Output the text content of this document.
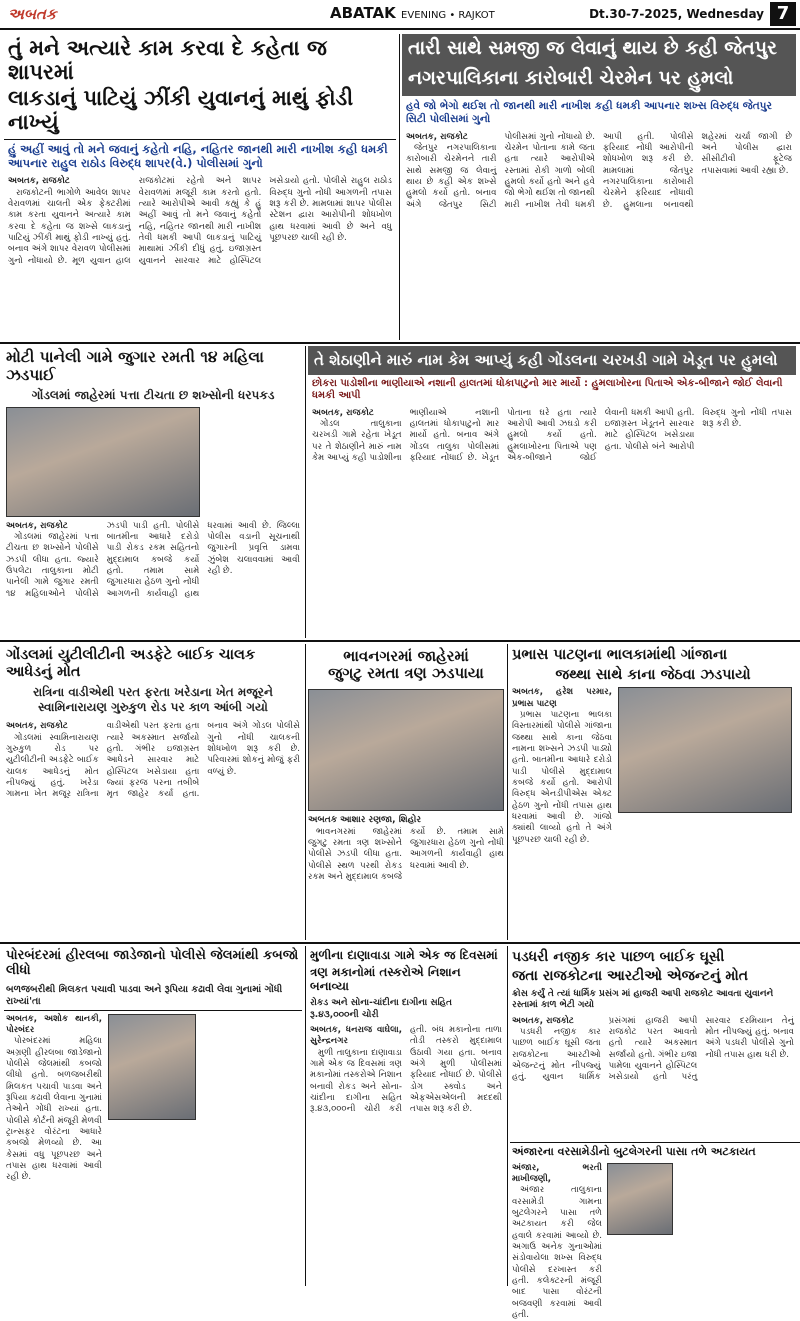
અબતક	ABATAK EVENING • RAJKOT	Dt.30-7-2025, Wednesday 7
તું મને અત્યારે કામ કરવા દે કહેતા જ શાપરમાં
લાકડાનું પાટિયું ઝીંકી યુવાનનું માથું ફોડી નાખ્યું
હું અહીં આવું તો મને જવાનું કહેતો નહિ, નહિતર જાનથી મારી નાખીશ કહી ધમકી આપનાર રાહુલ રાઠોડ વિરુદ્ધ શાપર(વે.) પોલીસમાં ગુનો
અબતક, રાજકોટ

રાજકોટની ભાગોળે આવેલ શાપર વેરાવળમાં ચાલતી એક ફેક્ટરીમાં કામ કરતા યુવાનને અત્યારે કામ કરવા દે કહેતા જ શખ્સે લાકડાનું પાટિયું ઝીંકી માથું ફોડી નાખ્યું હતું. બનાવ અંગે શાપર વેરાવળ પોલીસમાં ગુનો નોંધાયો છે. મૂળ યુવાન હાલ રાજકોટમાં રહેતો અને શાપર વેરાવળમાં મજૂરી કામ કરતો હતો. ત્યારે આરોપીએ આવી કહ્યું કે હું અહીં આવું તો મને જવાનું કહેતો નહિ, નહિતર જાનથી મારી નાખીશ તેવી ધમકી આપી લાકડાનું પાટિયું માથામાં ઝીંકી દીધું હતું. ઇજાગ્રસ્ત યુવાનને સારવાર માટે હોસ્પિટલ ખસેડાયો હતો. પોલીસે રાહુલ રાઠોડ વિરુદ્ધ ગુનો નોંધી આગળની તપાસ શરૂ કરી છે. મામલામાં શાપર પોલીસ સ્ટેશન દ્વારા આરોપીની શોધખોળ હાથ ધરવામાં આવી છે અને વધુ પૂછપરછ ચાલી રહી છે.

તારી સાથે સમજી જ લેવાનું થાય છે કહી જેતપુર
નગરપાલિકાના કારોબારી ચેરમેન પર હુમલો
હવે જો ભેગો થઈશ તો જાનથી મારી નાખીશ કહી ધમકી આપનાર શખ્સ વિરુદ્ધ જેતપુર સિટી પોલીસમાં ગુનો
અબતક, રાજકોટ

જેતપુર નગરપાલિકાના કારોબારી ચેરમેનને તારી સાથે સમજી જ લેવાનું થાય છે કહી એક શખ્સે હુમલો કર્યો હતો. બનાવ અંગે જેતપુર સિટી પોલીસમાં ગુનો નોંધાયો છે. ચેરમેન પોતાના કામે જતા હતા ત્યારે આરોપીએ રસ્તામાં રોકી ગાળો બોલી હુમલો કર્યો હતો અને હવે જો ભેગો થઈશ તો જાનથી મારી નાખીશ તેવી ધમકી આપી હતી. પોલીસે ફરિયાદ નોંધી આરોપીની શોધખોળ શરૂ કરી છે. મામલામાં જેતપુર નગરપાલિકાના કારોબારી ચેરમેને ફરિયાદ નોંધાવી છે. હુમલાના બનાવથી શહેરમાં ચર્ચા જાગી છે અને પોલીસ દ્વારા સીસીટીવી ફૂટેજ તપાસવામાં આવી રહ્યા છે.

મોટી પાનેલી ગામે જુગાર રમતી ૧૪ મહિલા ઝડપાઈ
ગોંડલમાં જાહેરમાં પત્તા ટીચતા છ શખ્સોની ધરપકડ
અબતક, રાજકોટ

ગોંડલમાં જાહેરમાં પત્તા ટીચતા છ શખ્સોને પોલીસે ઝડપી લીધા હતા. જ્યારે ઉપલેટા તાલુકાના મોટી પાનેલી ગામે જુગાર રમતી ૧૪ મહિલાઓને પોલીસે ઝડપી પાડી હતી. પોલીસે બાતમીના આધારે દરોડો પાડી રોકડ રકમ સહિતનો મુદ્દામાલ કબજે કર્યો હતો. તમામ સામે જુગારધારા હેઠળ ગુનો નોંધી આગળની કાર્યવાહી હાથ ધરવામાં આવી છે. જિલ્લા પોલીસ વડાની સૂચનાથી જુગારની પ્રવૃત્તિ ડામવા ઝુંબેશ ચલાવવામાં આવી રહી છે.

તે શેઠાણીને મારું નામ કેમ આપ્યું કહી ગોંડલના ચરખડી ગામે ખેડૂત પર હુમલો
છોકરા પાડોશીના ભાણીયાએ નશાની હાલતમાં ધોકાપાટુનો માર માર્યો : હુમલાખોરના પિતાએ એક-બીજાને જોઈ લેવાની ધમકી આપી
અબતક, રાજકોટ

ગોંડલ તાલુકાના ચરખડી ગામે રહેતા ખેડૂત પર તે શેઠાણીને મારું નામ કેમ આપ્યું કહી પાડોશીના ભાણીયાએ નશાની હાલતમાં ધોકાપાટુનો માર માર્યો હતો. બનાવ અંગે ગોંડલ તાલુકા પોલીસમાં ફરિયાદ નોંધાઈ છે. ખેડૂત પોતાના ઘરે હતા ત્યારે આરોપી આવી ઝઘડો કરી હુમલો કર્યો હતો. હુમલાખોરના પિતાએ પણ એક-બીજાને જોઈ લેવાની ધમકી આપી હતી. ઇજાગ્રસ્ત ખેડૂતને સારવાર માટે હોસ્પિટલ ખસેડાયા હતા. પોલીસે બંને આરોપી વિરુદ્ધ ગુનો નોંધી તપાસ શરૂ કરી છે.

ગોંડલમાં યુટીલીટીની અડફેટે બાઈક ચાલક આધેડનું મોત
રાત્રિના વાડીએથી પરત ફરતા ખરેડાના ખેત મજૂરને સ્વામિનારાયણ ગુરુકુળ રોડ પર કાળ આંબી ગયો
અબતક, રાજકોટ

ગોંડલમાં સ્વામિનારાયણ ગુરુકુળ રોડ પર યુટીલીટીની અડફેટે બાઈક ચાલક આધેડનું મોત નીપજ્યું હતું. ખરેડા ગામના ખેત મજૂર રાત્રિના વાડીએથી પરત ફરતા હતા ત્યારે અકસ્માત સર્જાયો હતો. ગંભીર ઇજાગ્રસ્ત આધેડને સારવાર માટે હોસ્પિટલ ખસેડાયા હતા જ્યાં ફરજ પરના તબીબે મૃત જાહેર કર્યા હતા. બનાવ અંગે ગોંડલ પોલીસે ગુનો નોંધી ચાલકની શોધખોળ શરૂ કરી છે. પરિવારમાં શોકનું મોજું ફરી વળ્યું છે.

ભાવનગરમાં જાહેરમાં
જુગટુ રમતા ત્રણ ઝડપાયા
અબતક આશાર રણજા, શિહોર

ભાવનગરમાં જાહેરમાં જુગટુ રમતા ત્રણ શખ્સોને પોલીસે ઝડપી લીધા હતા. પોલીસે સ્થળ પરથી રોકડ રકમ અને મુદ્દામાલ કબજે કર્યો છે. તમામ સામે જુગારધારા હેઠળ ગુનો નોંધી આગળની કાર્યવાહી હાથ ધરવામાં આવી છે.

પ્રભાસ પાટણના ભાલકામાંથી ગાંજાના
જથ્થા સાથે કાના જેઠવા ઝડપાયો
અબતક, હરેશ પરમાર, પ્રભાસ પાટણ

પ્રભાસ પાટણના ભાલકા વિસ્તારમાંથી પોલીસે ગાંજાના જથ્થા સાથે કાના જેઠવા નામના શખ્સને ઝડપી પાડ્યો હતો. બાતમીના આધારે દરોડો પાડી પોલીસે મુદ્દામાલ કબજે કર્યો હતો. આરોપી વિરુદ્ધ એનડીપીએસ એક્ટ હેઠળ ગુનો નોંધી તપાસ હાથ ધરવામાં આવી છે. ગાંજો ક્યાંથી લાવ્યો હતો તે અંગે પૂછપરછ ચાલી રહી છે.

પોરબંદરમાં હીરલબા જાડેજાનો પોલીસે જેલમાંથી કબજો લીધો
બળજબરીથી મિલકત પચાવી પાડવા અને રૂપિયા કઢાવી લેવા ગુનામાં ગોંધી રાખ્યાં'તા
અબતક, અશોક થાનકી, પોરબંદર

પોરબંદરમાં મહિલા અગ્રણી હીરલબા જાડેજાનો પોલીસે જેલમાંથી કબજો લીધો હતો. બળજબરીથી મિલકત પચાવી પાડવા અને રૂપિયા કઢાવી લેવાના ગુનામાં તેઓને ગોંધી રાખ્યાં હતા. પોલીસે કોર્ટની મંજૂરી મેળવી ટ્રાન્સફર વોરંટના આધારે કબજો મેળવ્યો છે. આ કેસમાં વધુ પૂછપરછ અને તપાસ હાથ ધરવામાં આવી રહી છે.

મુળીના દાણાવાડા ગામે એક જ દિવસમાં
ત્રણ મકાનોમાં તસ્કરોએ નિશાન બનાવ્યા
રોકડ અને સોના-ચાંદીના દાગીના સહિત રૂ.૪૩,૦૦૦ની ચોરી
અબતક, ધનરાજ વાઘેલા, સુરેન્દ્રનગર

મુળી તાલુકાના દાણાવાડા ગામે એક જ દિવસમાં ત્રણ મકાનોમાં તસ્કરોએ નિશાન બનાવી રોકડ અને સોના-ચાંદીના દાગીના સહિત રૂ.૪૩,૦૦૦ની ચોરી કરી હતી. બંધ મકાનોના તાળા તોડી તસ્કરો મુદ્દામાલ ઉઠાવી ગયા હતા. બનાવ અંગે મુળી પોલીસમાં ફરિયાદ નોંધાઈ છે. પોલીસે ડોગ સ્ક્વોડ અને એફએસએલની મદદથી તપાસ શરૂ કરી છે.

પડધરી નજીક કાર પાછળ બાઈક ઘૂસી
જતા રાજકોટના આરટીઓ એજન્ટનું મોત
ક્રોસ કર્યું તે ત્યાં ધાર્મિક પ્રસંગ માં હાજરી આપી રાજકોટ આવતા યુવાનને રસ્તામાં કાળ ભેટી ગયો
અબતક, રાજકોટ

પડધરી નજીક કાર પાછળ બાઈક ઘૂસી જતા રાજકોટના આરટીઓ એજન્ટનું મોત નીપજ્યું હતું. યુવાન ધાર્મિક પ્રસંગમાં હાજરી આપી રાજકોટ પરત આવતો હતો ત્યારે અકસ્માત સર્જાયો હતો. ગંભીર ઇજા પામેલા યુવાનને હોસ્પિટલ ખસેડાયો હતો પરંતુ સારવાર દરમિયાન તેનું મોત નીપજ્યું હતું. બનાવ અંગે પડધરી પોલીસે ગુનો નોંધી તપાસ હાથ ધરી છે.

અંજારના વરસામેડીનો બુટલેગરની પાસા તળે અટકાયત
અંજાર, ભરતી માખીજણી,

અંજાર તાલુકાના વરસામેડી ગામના બુટલેગરને પાસા તળે અટકાયત કરી જેલ હવાલે કરવામાં આવ્યો છે. અગાઉ અનેક ગુનાઓમાં સંડોવાયેલા શખ્સ વિરુદ્ધ પોલીસે દરખાસ્ત કરી હતી. કલેક્ટરની મંજૂરી બાદ પાસા વોરંટની બજવણી કરવામાં આવી હતી.
